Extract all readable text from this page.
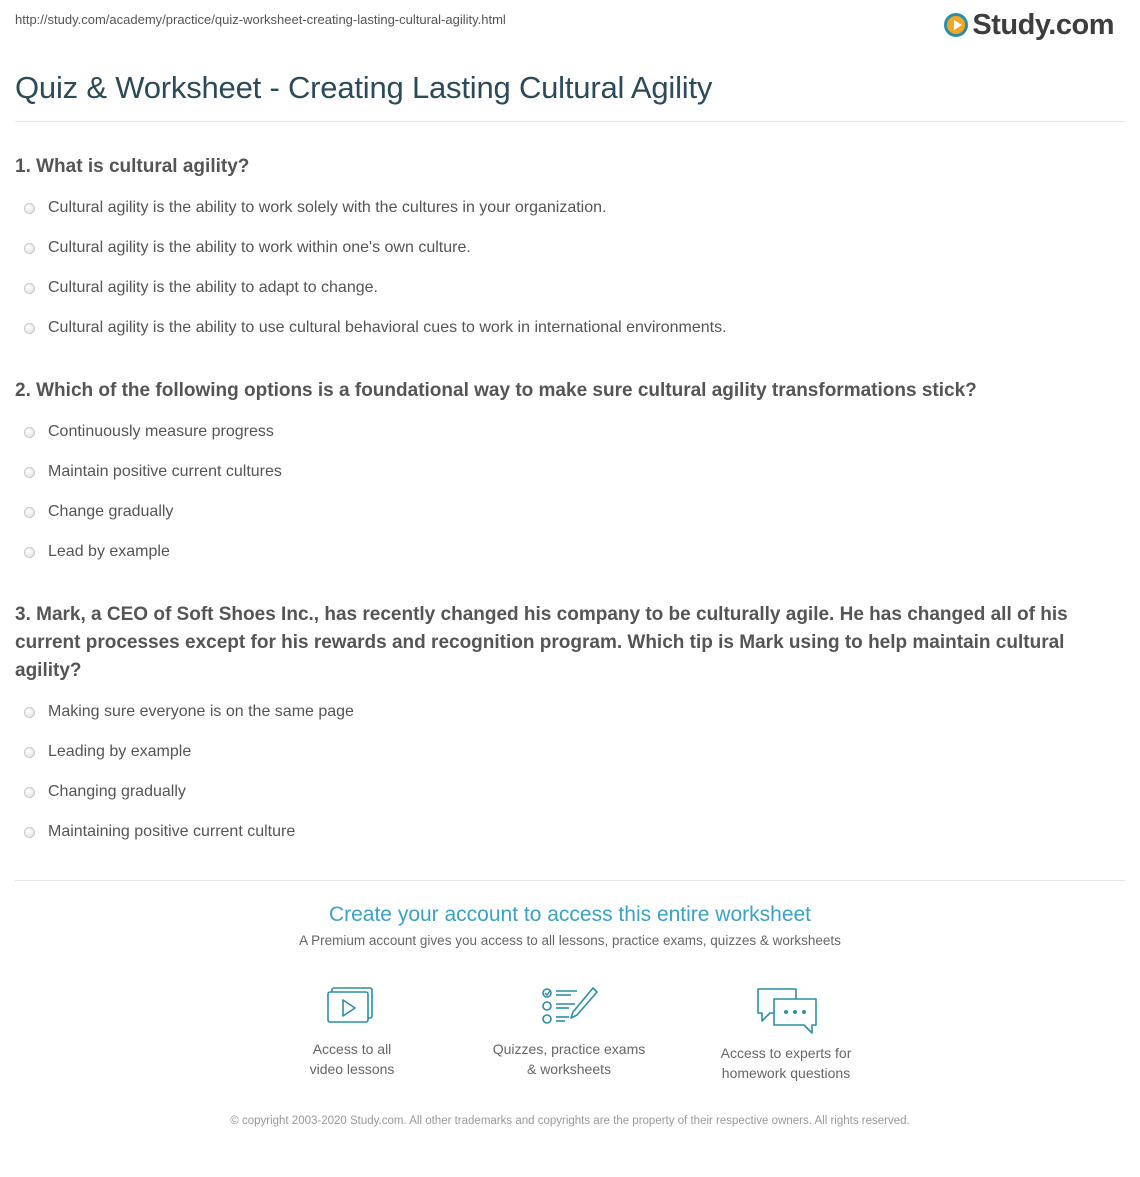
http://study.com/academy/practice/quiz-worksheet-creating-lasting-cultural-agility.html	Study.com
Quiz & Worksheet - Creating Lasting Cultural Agility
1. What is cultural agility?
Cultural agility is the ability to work solely with the cultures in your organization.
Cultural agility is the ability to work within one's own culture.
Cultural agility is the ability to adapt to change.
Cultural agility is the ability to use cultural behavioral cues to work in international environments.
2. Which of the following options is a foundational way to make sure cultural agility transformations stick?
Continuously measure progress
Maintain positive current cultures
Change gradually
Lead by example
3. Mark, a CEO of Soft Shoes Inc., has recently changed his company to be culturally agile. He has changed all of his current processes except for his rewards and recognition program. Which tip is Mark using to help maintain cultural agility?
Making sure everyone is on the same page
Leading by example
Changing gradually
Maintaining positive current culture
Create your account to access this entire worksheet
A Premium account gives you access to all lessons, practice exams, quizzes & worksheets
Access to all
video lessons
Quizzes, practice exams
& worksheets
Access to experts for
homework questions
© copyright 2003-2020 Study.com. All other trademarks and copyrights are the property of their respective owners. All rights reserved.
